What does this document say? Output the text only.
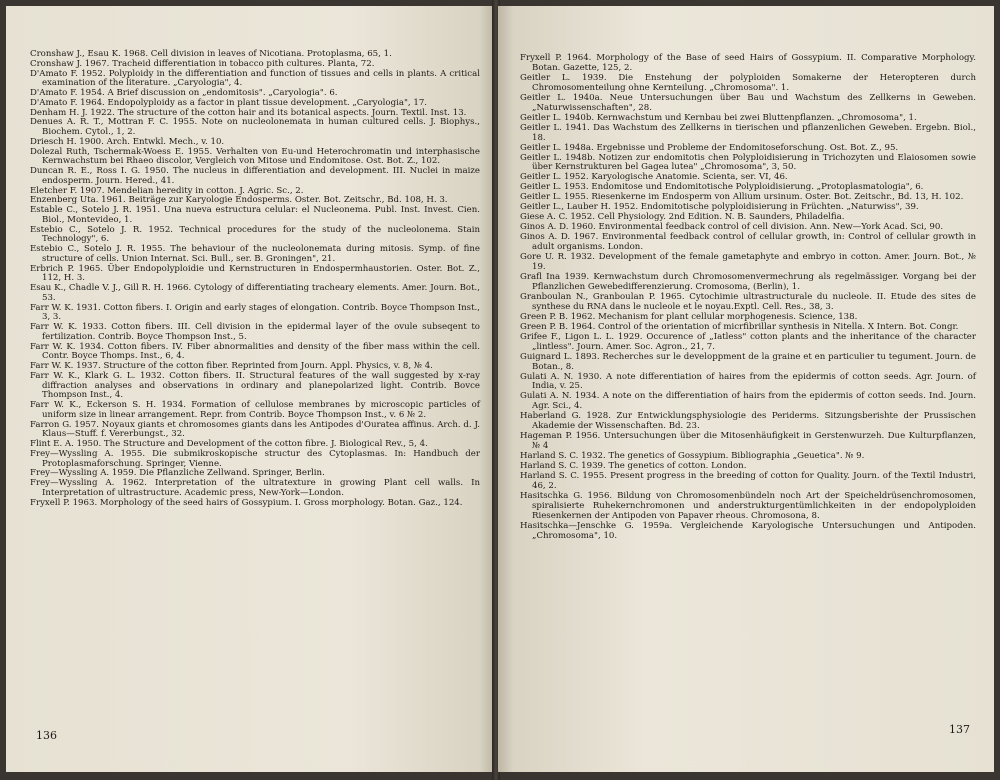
Cronshaw J., Esau K. 1968. Cell division in leaves of Nicotiana. Protoplasma, 65, 1.
Cronshaw J. 1967. Tracheid differentiation in tobacco pith cultures. Planta, 72.
D'Amato F. 1952. Polyploidy in the differentiation and function of tissues and cells in plants. A critical examination of the literature. „Caryologia", 4.
D'Amato F. 1954. A Brief discussion on „endomitosis". „Caryologia". 6.
D'Amato F. 1964. Endopolyploidy as a factor in plant tissue development. „Caryologia", 17.
Denham H. J. 1922. The structure of the cotton hair and its botanical aspects. Journ. Textil. Inst. 13.
Denues A. R. T., Mottran F. C. 1955. Note on nucleolonemata in human cultured cells. J. Biophys., Biochem. Cytol., 1, 2.
Driesch H. 1900. Arch. Entwkl. Mech., v. 10.
Dolezal Ruth, Tschermak-Woess E. 1955. Verhalten von Eu-und Heterochromatin und interphasische Kernwachstum bei Rhaeo discolor, Vergleich von Mitose und Endomitose. Ost. Bot. Z., 102.
Duncan R. E., Ross I. G. 1950. The nucleus in differentiation and development. III. Nuclei in maize endosperm. Journ. Hered., 41.
Eletcher F. 1907. Mendelian heredity in cotton. J. Agric. Sc., 2.
Enzenberg Uta. 1961. Beiträge zur Karyologie Endosperms. Oster. Bot. Zeitschr., Bd. 108, H. 3.
Estable C., Sotelo J. R. 1951. Una nueva estructura celular: el Nucleonema. Publ. Inst. Invest. Cien. Biol., Montevideo, 1.
Estebio C., Sotelo J. R. 1952. Technical procedures for the study of the nucleolonema. Stain Technology", 6.
Estebio C., Sotelo J. R. 1955. The behaviour of the nucleolonemata during mitosis. Symp. of fine structure of cells. Union Internat. Sci. Bull., ser. B. Groningen", 21.
Erbrich P. 1965. Über Endopolyploidie und Kernstructuren in Endospermhaustorien. Oster. Bot. Z., 112, H. 3.
Esau K., Chadle V. J., Gill R. H. 1966. Cytology of differentiating tracheary elements. Amer. Journ. Bot., 53.
Farr W. K. 1931. Cotton fibers. I. Origin and early stages of elongation. Contrib. Boyce Thompson Inst., 3, 3.
Farr W. K. 1933. Cotton fibers. III. Cell division in the epidermal layer of the ovule subseqent to fertilization. Contrib. Boyce Thompson Inst., 5.
Farr W. K. 1934. Cotton fibers. IV. Fiber abnormalities and density of the fiber mass within the cell. Contr. Boyce Thomps. Inst., 6, 4.
Farr W. K. 1937. Structure of the cotton fiber. Reprinted from Journ. Appl. Physics, v. 8, № 4.
Farr W. K., Klark G. L. 1932. Cotton fibers. II. Structural features of the wall suggested by x-ray diffraction analyses and observations in ordinary and planepolarized light. Contrib. Bovce Thompson Inst., 4.
Farr W. K., Eckerson S. H. 1934. Formation of cellulose membranes by microscopic particles of uniform size in linear arrangement. Repr. from Contrib. Boyce Thompson Inst., v. 6 № 2.
Farron G. 1957. Noyaux giants et chromosomes giants dans les Antipodes d'Ouratea affinus. Arch. d. J. Klaus—Stuff. f. Vererbungst., 32.
Flint E. A. 1950. The Structure and Development of the cotton fibre. J. Biological Rev., 5, 4.
Frey—Wyssling A. 1955. Die submikroskopische structur des Cytoplasmas. In: Handbuch der Protoplasmaforschung. Springer, Vienne.
Frey—Wyssling A. 1959. Die Pflanzliche Zellwand. Springer, Berlin.
Frey—Wyssling A. 1962. Interpretation of the ultratexture in growing Plant cell walls. In Interpretation of ultrastructure. Academic press, New-York—London.
Fryxell P. 1963. Morphology of the seed hairs of Gossypium. I. Gross morphology. Botan. Gaz., 124.
136
Fryxell P. 1964. Morphology of the Base of seed Hairs of Gossypium. II. Comparative Morphology. Botan. Gazette, 125, 2.
Geitler L. 1939. Die Enstehung der polyploiden Somakerne der Heteropteren durch Chromosomenteilung ohne Kernteilung. „Chromosoma". 1.
Geitler L. 1940a. Neue Untersuchungen über Bau und Wachstum des Zellkerns in Geweben. „Naturwissenschaften", 28.
Geitler L. 1940b. Kernwachstum und Kernbau bei zwei Bluttenpflanzen. „Chromosoma", 1.
Geitler L. 1941. Das Wachstum des Zellkerns in tierischen und pflanzenlichen Geweben. Ergebn. Biol., 18.
Geitler L. 1948a. Ergebnisse und Probleme der Endomitoseforschung. Ost. Bot. Z., 95.
Geitler L. 1948b. Notizen zur endomitotis chen Polyploidisierung in Trichozyten und Elaiosomen sowie über Kernstrukturen bel Gagea lutea" „Chromosoma", 3, 50.
Geitler L. 1952. Karyologische Anatomie. Scienta, ser. VI, 46.
Geitler L. 1953. Endomitose und Endomitotische Polyploidisierung. „Protoplasmatologia", 6.
Geitler L. 1955. Riesenkerne im Endosperm von Allium ursinum. Oster. Bot. Zeitschr., Bd. 13, H. 102.
Geitler L., Lauber H. 1952. Endomitotische polyploidisierung in Früchten. „Naturwiss", 39.
Giese A. C. 1952. Cell Physiology. 2nd Edition. N. B. Saunders, Philadelfia.
Ginos A. D. 1960. Environmental feedback control of cell division. Ann. New—York Acad. Sci, 90.
Ginos A. D. 1967. Environmental feedback control of cellular growth, in: Control of cellular growth in adult organisms. London.
Gore U. R. 1932. Development of the female gametaphyte and embryo in cotton. Amer. Journ. Bot., № 19.
Grafl Ina 1939. Kernwachstum durch Chromosomenvermechrung als regelmässiger. Vorgang bei der Pflanzlichen Gewebedifferenzierung. Cromosoma, (Berlin), 1.
Granboulan N., Granboulan P. 1965. Cytochimie ultrastructurale du nucleole. II. Etude des sites de synthese du RNA dans le nucleole et le noyau.Exptl. Cell. Res., 38, 3.
Green P. B. 1962. Mechanism for plant cellular morphogenesis. Science, 138.
Green P. B. 1964. Control of the orientation of micrfibrillar synthesis in Nitella. X Intern. Bot. Congr.
Grifee F., Ligon L. L. 1929. Occurence of „Iatless" cotton plants and the inheritance of the character „lintless". Journ. Amer. Soc. Agron., 21, 7.
Guignard L. 1893. Recherches sur le developpment de la graine et en particulier tu tegument. Journ. de Botan., 8.
Gulati A. N. 1930. A note differentiation of haires from the epidermis of cotton seeds. Agr. Journ. of India, v. 25.
Gulati A. N. 1934. A note on the differentiation of hairs from the epidermis of cotton seeds. Ind. Journ. Agr. Sci., 4.
Haberland G. 1928. Zur Entwicklungsphysiologie des Periderms. Sitzungsberishte der Prussischen Akademie der Wissenschaften. Bd. 23.
Hageman P. 1956. Untersuchungen über die Mitosenhäufigkeit in Gerstenwurzeh. Due Kulturpflanzen, № 4
Harland S. C. 1932. The genetics of Gossypium. Bibliographia „Geuetica". № 9.
Harland S. C. 1939. The genetics of cotton. London.
Harland S. C. 1955. Present progress in the breeding of cotton for Quality. Journ. of the Textil Industri, 46, 2.
Hasitschka G. 1956. Bildung von Chromosomenbündeln noch Art der Speicheldrüsenchromosomen, spiralisierte Ruhekernchromonen und anderstrukturgentümlichkeiten in der endopolyploiden Riesenkernen der Antipoden von Papaver rheous. Chromosona, 8.
Hasitschka—Jenschke G. 1959a. Vergleichende Karyologische Untersuchungen und Antipoden. „Chromosoma", 10.
137
